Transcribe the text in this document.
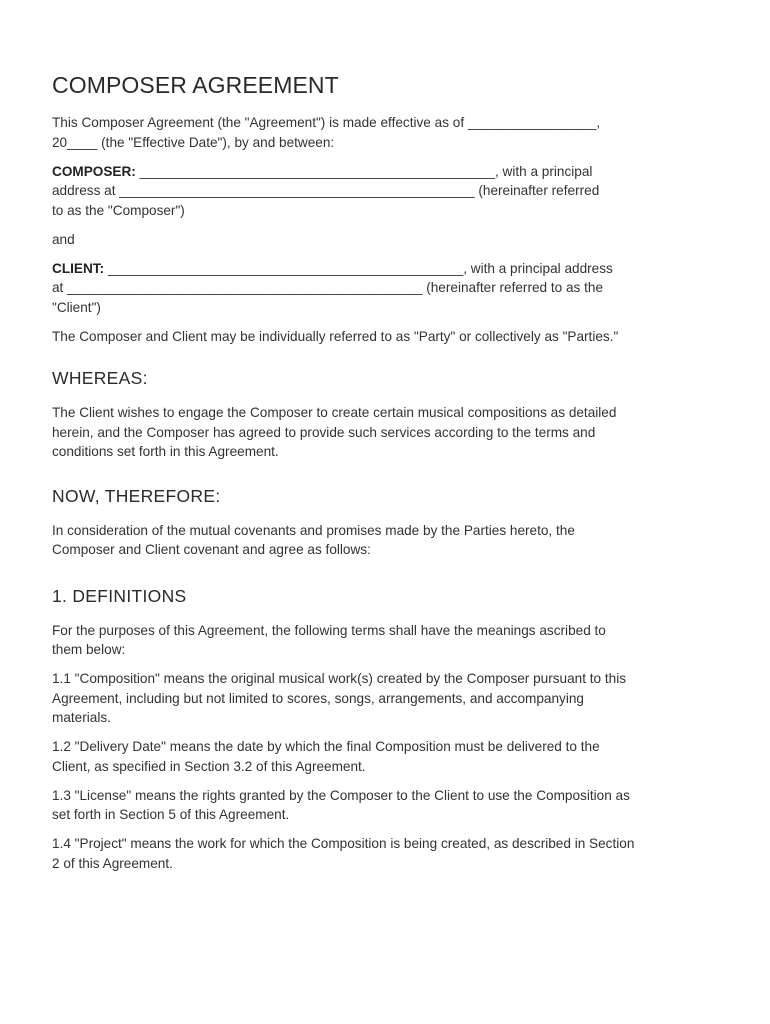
COMPOSER AGREEMENT

This Composer Agreement (the "Agreement") is made effective as of _________________,
20____ (the "Effective Date"), by and between:

COMPOSER: _______________________________________________, with a principal
address at _______________________________________________ (hereinafter referred
to as the "Composer")

and

CLIENT: _______________________________________________, with a principal address
at _______________________________________________ (hereinafter referred to as the
"Client")

The Composer and Client may be individually referred to as "Party" or collectively as "Parties."

WHEREAS:

The Client wishes to engage the Composer to create certain musical compositions as detailed
herein, and the Composer has agreed to provide such services according to the terms and
conditions set forth in this Agreement.

NOW, THEREFORE:

In consideration of the mutual covenants and promises made by the Parties hereto, the
Composer and Client covenant and agree as follows:

1. DEFINITIONS

For the purposes of this Agreement, the following terms shall have the meanings ascribed to
them below:

1.1 "Composition" means the original musical work(s) created by the Composer pursuant to this
Agreement, including but not limited to scores, songs, arrangements, and accompanying
materials.

1.2 "Delivery Date" means the date by which the final Composition must be delivered to the
Client, as specified in Section 3.2 of this Agreement.

1.3 "License" means the rights granted by the Composer to the Client to use the Composition as
set forth in Section 5 of this Agreement.

1.4 "Project" means the work for which the Composition is being created, as described in Section
2 of this Agreement.
